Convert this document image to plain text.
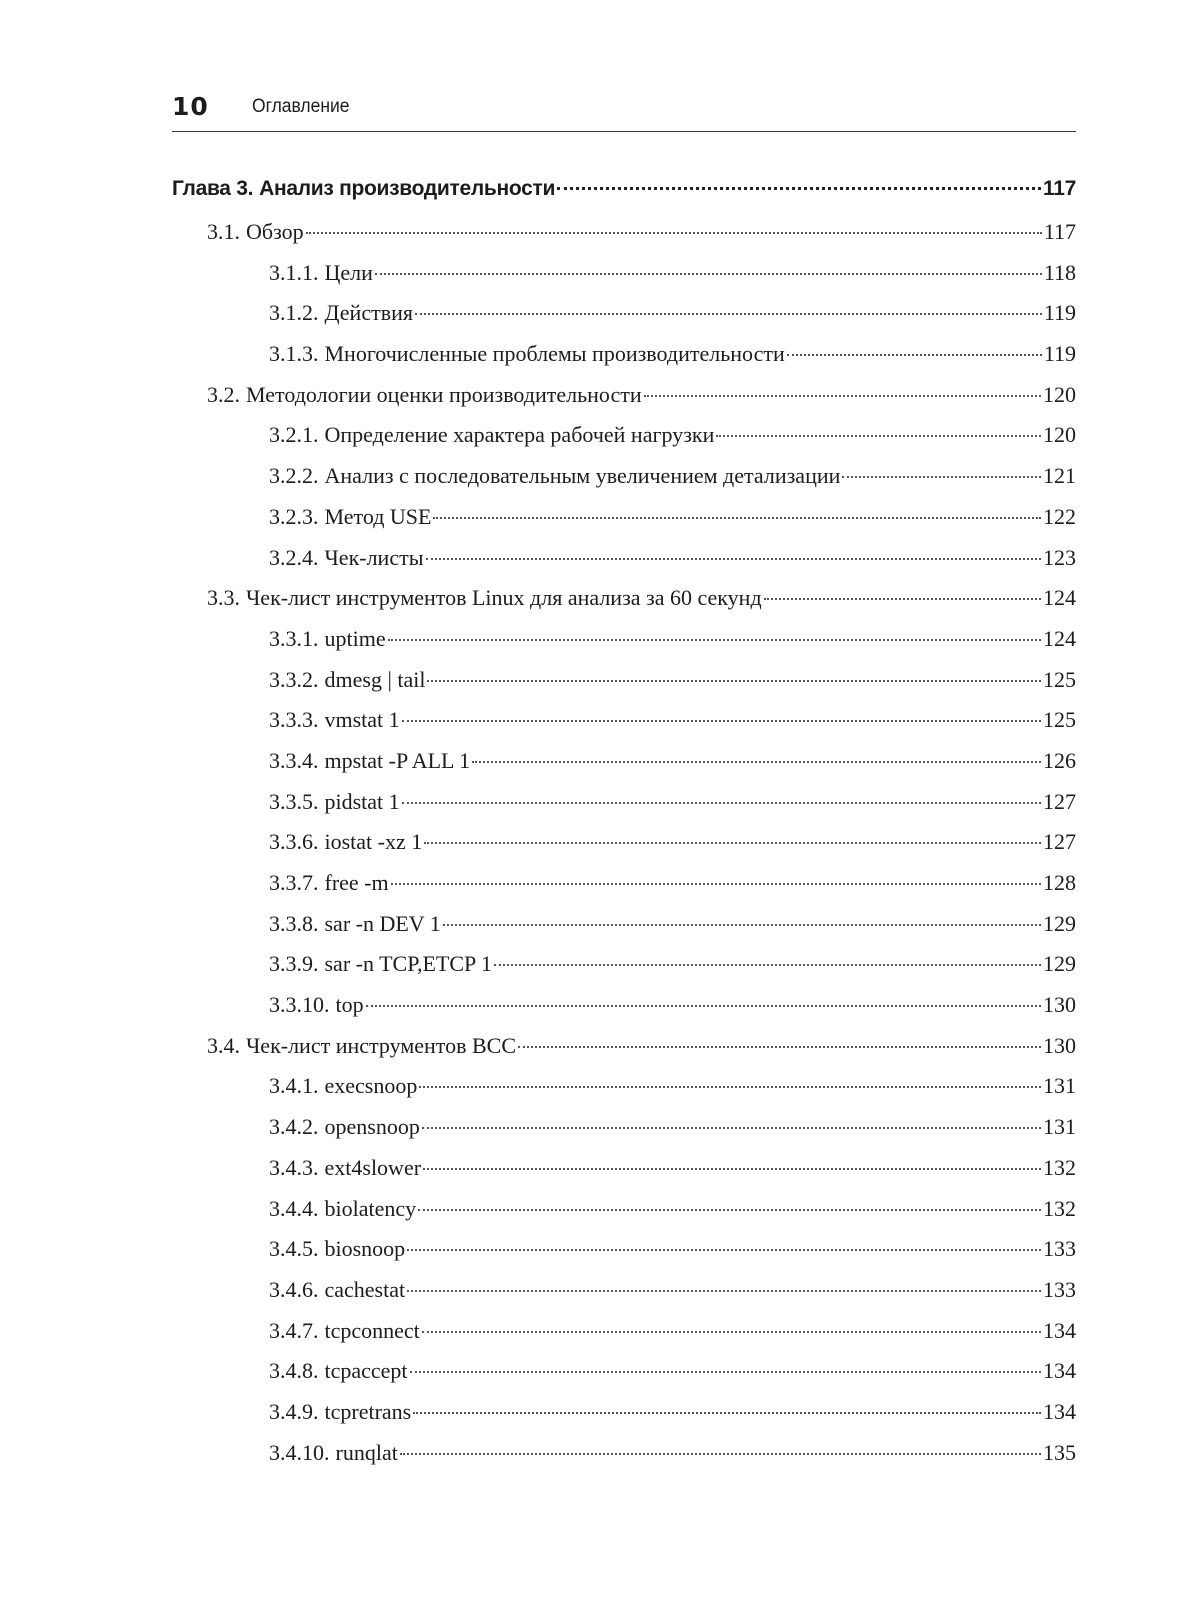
10 Оглавление
Глава 3. Анализ производительности	117
3.1. Обзор	117
3.1.1. Цели	118
3.1.2. Действия	119
3.1.3. Многочисленные проблемы производительности	119
3.2. Методологии оценки производительности	120
3.2.1. Определение характера рабочей нагрузки	120
3.2.2. Анализ с последовательным увеличением детализации	121
3.2.3. Метод USE	122
3.2.4. Чек-листы	123
3.3. Чек-лист инструментов Linux для анализа за 60 секунд	124
3.3.1. uptime	124
3.3.2. dmesg | tail	125
3.3.3. vmstat 1	125
3.3.4. mpstat -P ALL 1	126
3.3.5. pidstat 1	127
3.3.6. iostat -xz 1	127
3.3.7. free -m	128
3.3.8. sar -n DEV 1	129
3.3.9. sar -n TCP,ETCP 1	129
3.3.10. top	130
3.4. Чек-лист инструментов BCC	130
3.4.1. execsnoop	131
3.4.2. opensnoop	131
3.4.3. ext4slower	132
3.4.4. biolatency	132
3.4.5. biosnoop	133
3.4.6. cachestat	133
3.4.7. tcpconnect	134
3.4.8. tcpaccept	134
3.4.9. tcpretrans	134
3.4.10. runqlat	135
